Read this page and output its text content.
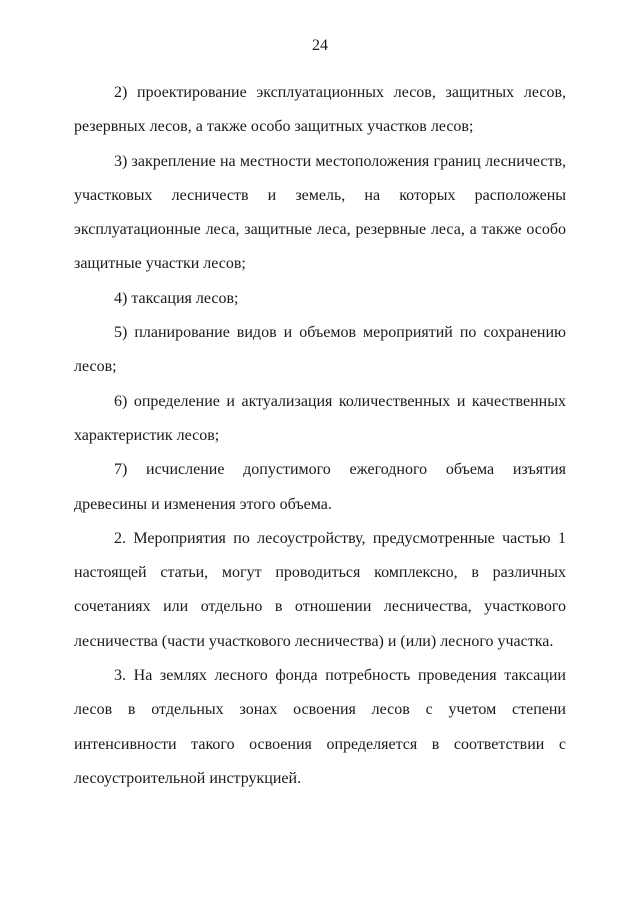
24

2) проектирование эксплуатационных лесов, защитных лесов, резервных лесов, а также особо защитных участков лесов;

3) закрепление на местности местоположения границ лесничеств, участковых лесничеств и земель, на которых расположены эксплуатационные леса, защитные леса, резервные леса, а также особо защитные участки лесов;

4) таксация лесов;

5) планирование видов и объемов мероприятий по сохранению лесов;

6) определение и актуализация количественных и качественных характеристик лесов;

7) исчисление допустимого ежегодного объема изъятия древесины и изменения этого объема.

2. Мероприятия по лесоустройству, предусмотренные частью 1 настоящей статьи, могут проводиться комплексно, в различных сочетаниях или отдельно в отношении лесничества, участкового лесничества (части участкового лесничества) и (или) лесного участка.

3. На землях лесного фонда потребность проведения таксации лесов в отдельных зонах освоения лесов с учетом степени интенсивности такого освоения определяется в соответствии с лесоустроительной инструкцией.
